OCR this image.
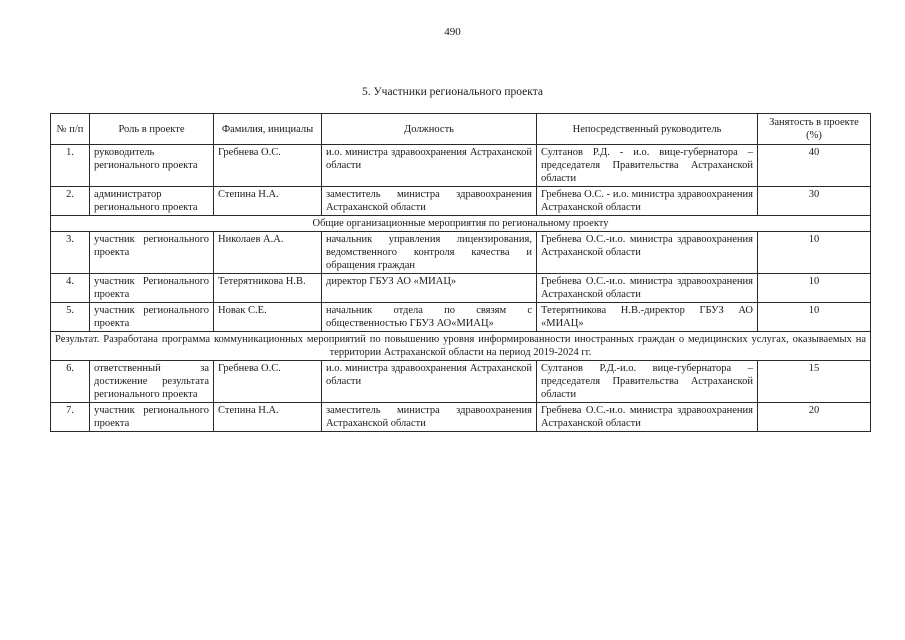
490
5. Участники регионального проекта
№ п/п	Роль в проекте	Фамилия, инициалы	Должность	Непосредственный руководитель	Занятость в проекте (%)
1.	руководитель регионального проекта	Гребнева О.С.	и.о. министра здравоохранения Астраханской области	Султанов Р.Д. - и.о. вице-губернатора – председателя Правительства Астраханской области	40
2.	администратор регионального проекта	Степина Н.А.	заместитель министра здравоохранения Астраханской области	Гребнева О.С. - и.о. министра здравоохранения Астраханской области	30
Общие организационные мероприятия по региональному проекту					
3.	участник регионального проекта	Николаев А.А.	начальник управления лицензирования, ведомственного контроля качества и обращения граждан	Гребнева О.С.-и.о. министра здравоохранения Астраханской области	10
4.	участник Регионального проекта	Тетерятникова Н.В.	директор ГБУЗ АО «МИАЦ»	Гребнева О.С.-и.о. министра здравоохранения Астраханской области	10
5.	участник регионального проекта	Новак С.Е.	начальник отдела по связям с общественностью ГБУЗ АО«МИАЦ»	Тетерятникова Н.В.-директор ГБУЗ АО «МИАЦ»	10
Результат. Разработана программа коммуникационных мероприятий по повышению уровня информированности иностранных граждан о медицинских услугах, оказываемых на территории Астраханской области на период 2019-2024 гг.					
6.	ответственный за достижение результата регионального проекта	Гребнева О.С.	и.о. министра здравоохранения Астраханской области	Султанов Р.Д.-и.о. вице-губернатора – председателя Правительства Астраханской области	15
7.	участник регионального проекта	Степина Н.А.	заместитель министра здравоохранения Астраханской области	Гребнева О.С.-и.о. министра здравоохранения Астраханской области	20
